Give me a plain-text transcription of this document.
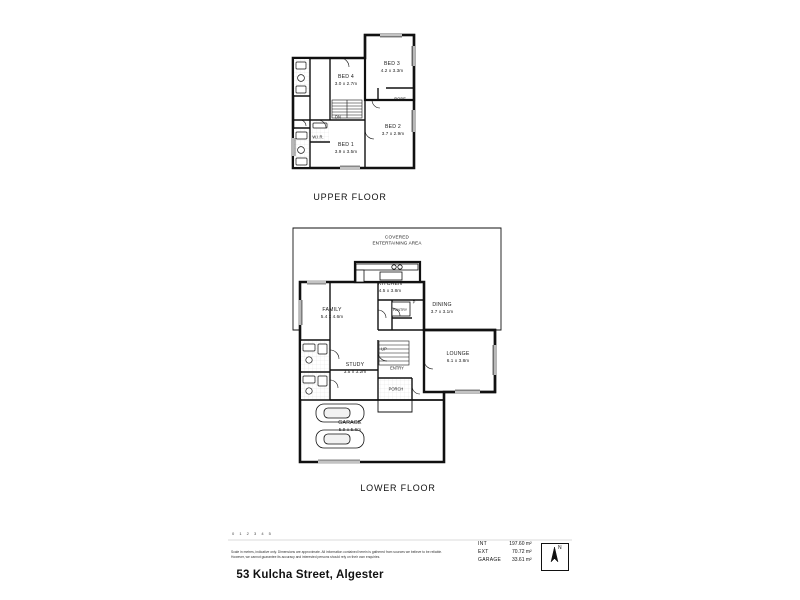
BED 3
4.2 x 3.3m
BED 4
3.0 x 2.7m
BED 2
3.7 x 2.9m
BED 1
3.9 x 3.5m
ROBE
W.I.R.
DN
UPPER FLOOR
COVERED
ENTERTAINING AREA
KITCHEN
4.5 x 3.8m
DINING
3.7 x 3.1m
FAMILY
5.4 x 4.6m
LOUNGE
6.1 x 3.8m
STUDY
3.5 x 3.2m
GARAGE
5.9 x 5.6m
ENTRY
PORCH
PANTRY
UP
P
LOWER FLOOR
0 1 2 3 4 5
Scale in metres, indicative only. Dimensions are approximate. All information contained herein is gathered from sources we believe to be reliable. However, we cannot guarantee its accuracy and interested persons should rely on their own enquiries.
INT	197.60 m²
EXT	70.72 m²
GARAGE	33.61 m²
N
53 Kulcha Street, Algester
